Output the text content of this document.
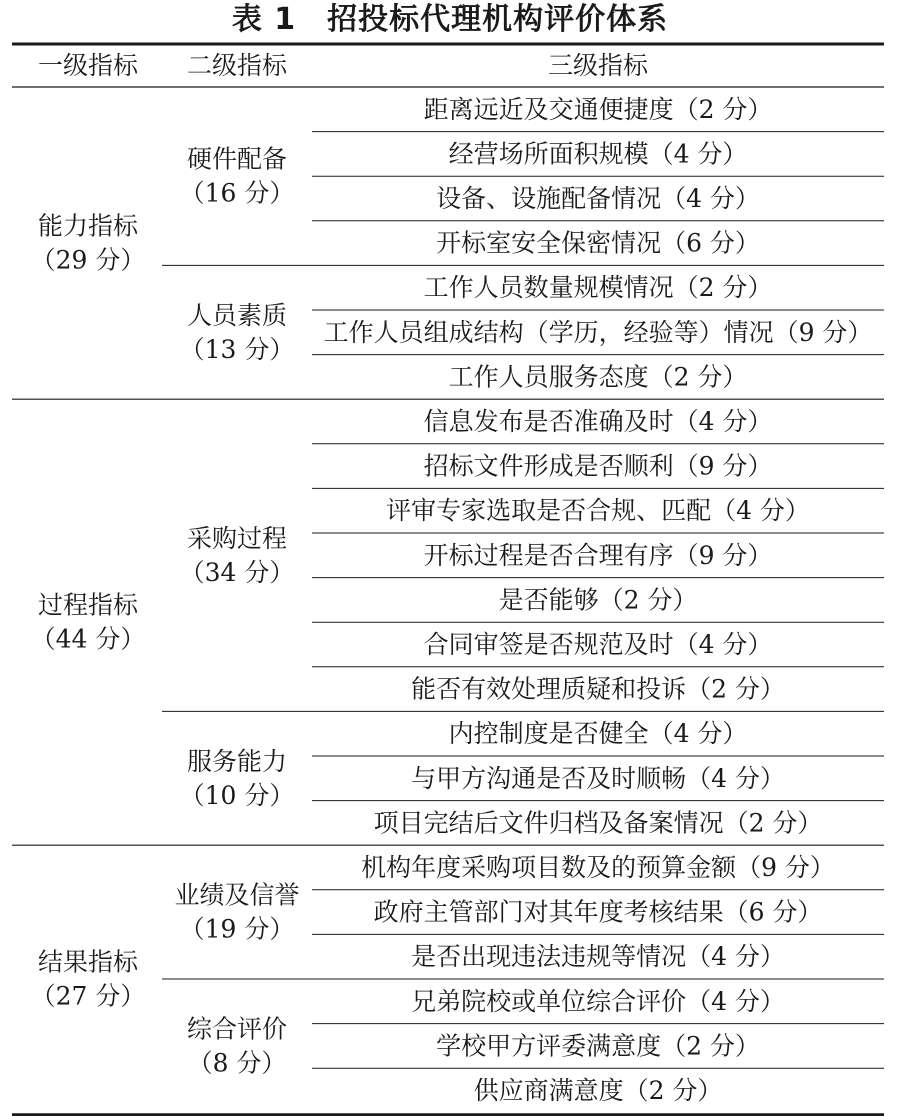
表 1　招投标代理机构评价体系
一级指标 二级指标	三级指标
距离远近及交通便捷度（2 分）
经营场所面积规模（4 分）
设备、设施配备情况（4 分）
开标室安全保密情况（6 分）
硬件配备
（16 分）
工作人员数量规模情况（2 分）
工作人员组成结构（学历，经验等）情况（9 分）
工作人员服务态度（2 分）
人员素质
（13 分）
能力指标
（29 分）
信息发布是否准确及时（4 分）
招标文件形成是否顺利（9 分）
评审专家选取是否合规、匹配（4 分）
开标过程是否合理有序（9 分）
是否能够（2 分）
合同审签是否规范及时（4 分）
能否有效处理质疑和投诉（2 分）
采购过程
（34 分）
内控制度是否健全（4 分）
与甲方沟通是否及时顺畅（4 分）
项目完结后文件归档及备案情况（2 分）
服务能力
（10 分）
过程指标
（44 分）
机构年度采购项目数及的预算金额（9 分）
政府主管部门对其年度考核结果（6 分）
是否出现违法违规等情况（4 分）
业绩及信誉
（19 分）
兄弟院校或单位综合评价（4 分）
学校甲方评委满意度（2 分）
供应商满意度（2 分）
综合评价
（8 分）
结果指标
（27 分）
